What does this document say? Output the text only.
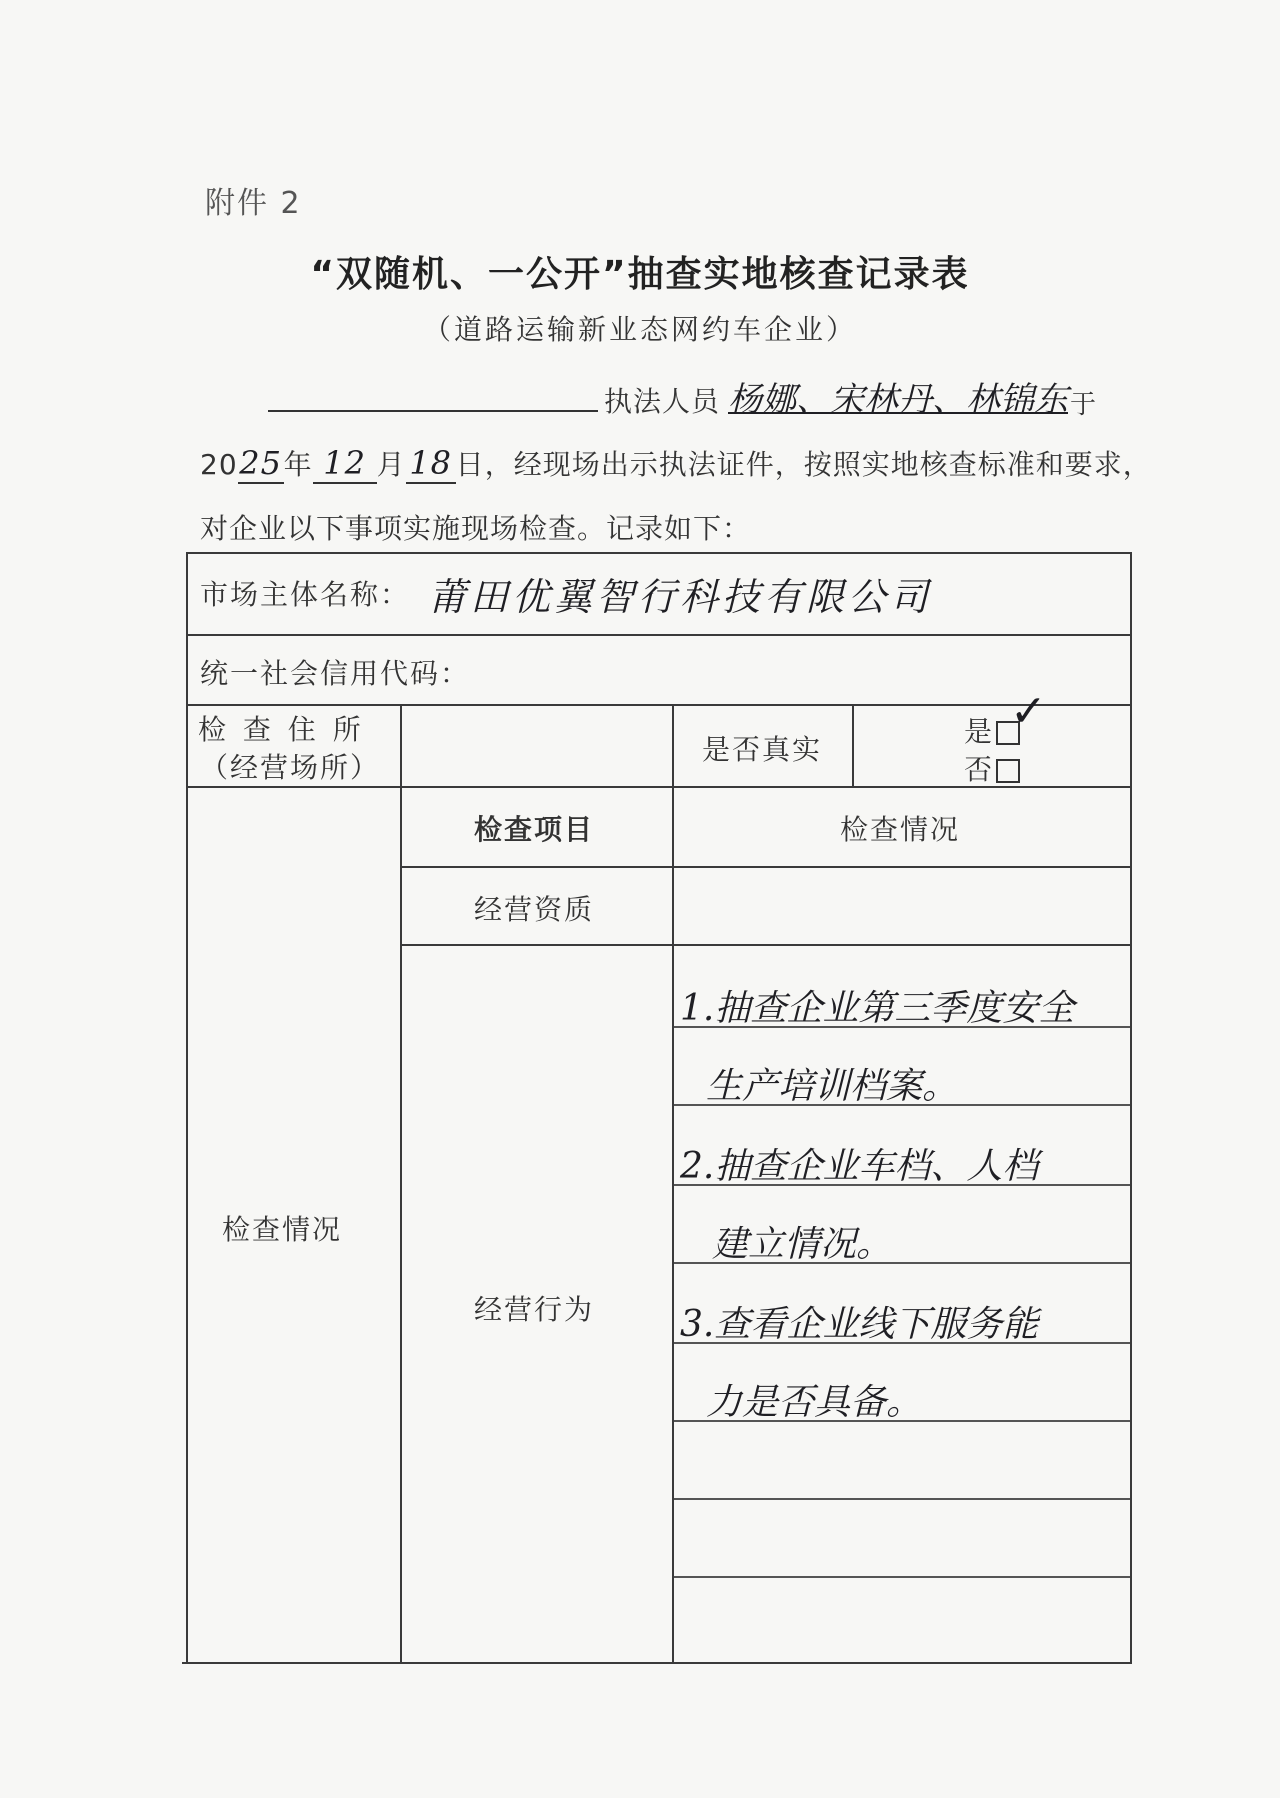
附件 2
“双随机、一公开”抽查实地核查记录表
（道路运输新业态网约车企业）
执法人员 杨娜、宋林丹、林锦东 于
2025年 12 月 18 日，经现场出示执法证件，按照实地核查标准和要求，
对企业以下事项实施现场检查。记录如下：
市场主体名称： 莆田优翼智行科技有限公司
统一社会信用代码：
检 查 住 所
（经营场所）
是否真实
是 ✓
否
检查情况
检查项目	检查情况
经营资质
经营行为
1.抽查企业第三季度安全
生产培训档案。
2.抽查企业车档、人档
建立情况。
3.查看企业线下服务能
力是否具备。
